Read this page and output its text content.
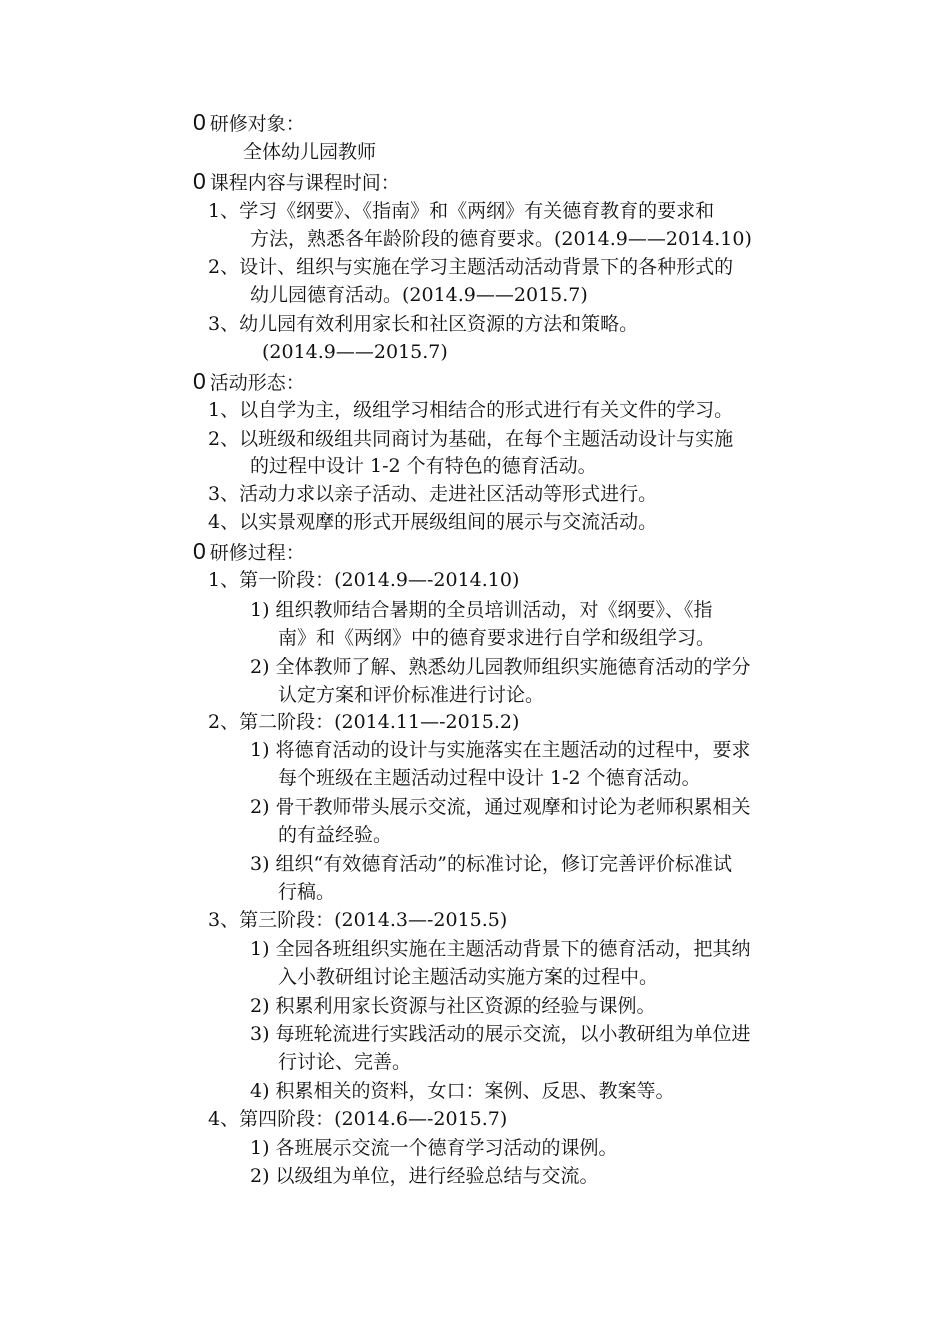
0 研修对象：
全体幼儿园教师
0 课程内容与课程时间：
1、学习《纲要》、《指南》和《两纲》有关德育教育的要求和
方法，熟悉各年龄阶段的德育要求。(2014.9——2014.10)
2、设计、组织与实施在学习主题活动活动背景下的各种形式的
幼儿园德育活动。(2014.9——2015.7)
3、幼儿园有效利用家长和社区资源的方法和策略。
(2014.9——2015.7)
0 活动形态：
1、以自学为主，级组学习相结合的形式进行有关文件的学习。
2、以班级和级组共同商讨为基础，在每个主题活动设计与实施
的过程中设计 1-2 个有特色的德育活动。
3、活动力求以亲子活动、走进社区活动等形式进行。
4、以实景观摩的形式开展级组间的展示与交流活动。
0 研修过程：
1、第一阶段：(2014.9—-2014.10)
1) 组织教师结合暑期的全员培训活动，对《纲要》、《指
南》和《两纲》中的德育要求进行自学和级组学习。
2) 全体教师了解、熟悉幼儿园教师组织实施德育活动的学分
认定方案和评价标准进行讨论。
2、第二阶段：(2014.11—-2015.2)
1) 将德育活动的设计与实施落实在主题活动的过程中，要求
每个班级在主题活动过程中设计 1-2 个德育活动。
2) 骨干教师带头展示交流，通过观摩和讨论为老师积累相关
的有益经验。
3) 组织“有效德育活动”的标准讨论，修订完善评价标准试
行稿。
3、第三阶段：(2014.3—-2015.5)
1) 全园各班组织实施在主题活动背景下的德育活动，把其纳
入小教研组讨论主题活动实施方案的过程中。
2) 积累利用家长资源与社区资源的经验与课例。
3) 每班轮流进行实践活动的展示交流，以小教研组为单位进
行讨论、完善。
4) 积累相关的资料，女口：案例、反思、教案等。
4、第四阶段：(2014.6—-2015.7)
1) 各班展示交流一个德育学习活动的课例。
2) 以级组为单位，进行经验总结与交流。
